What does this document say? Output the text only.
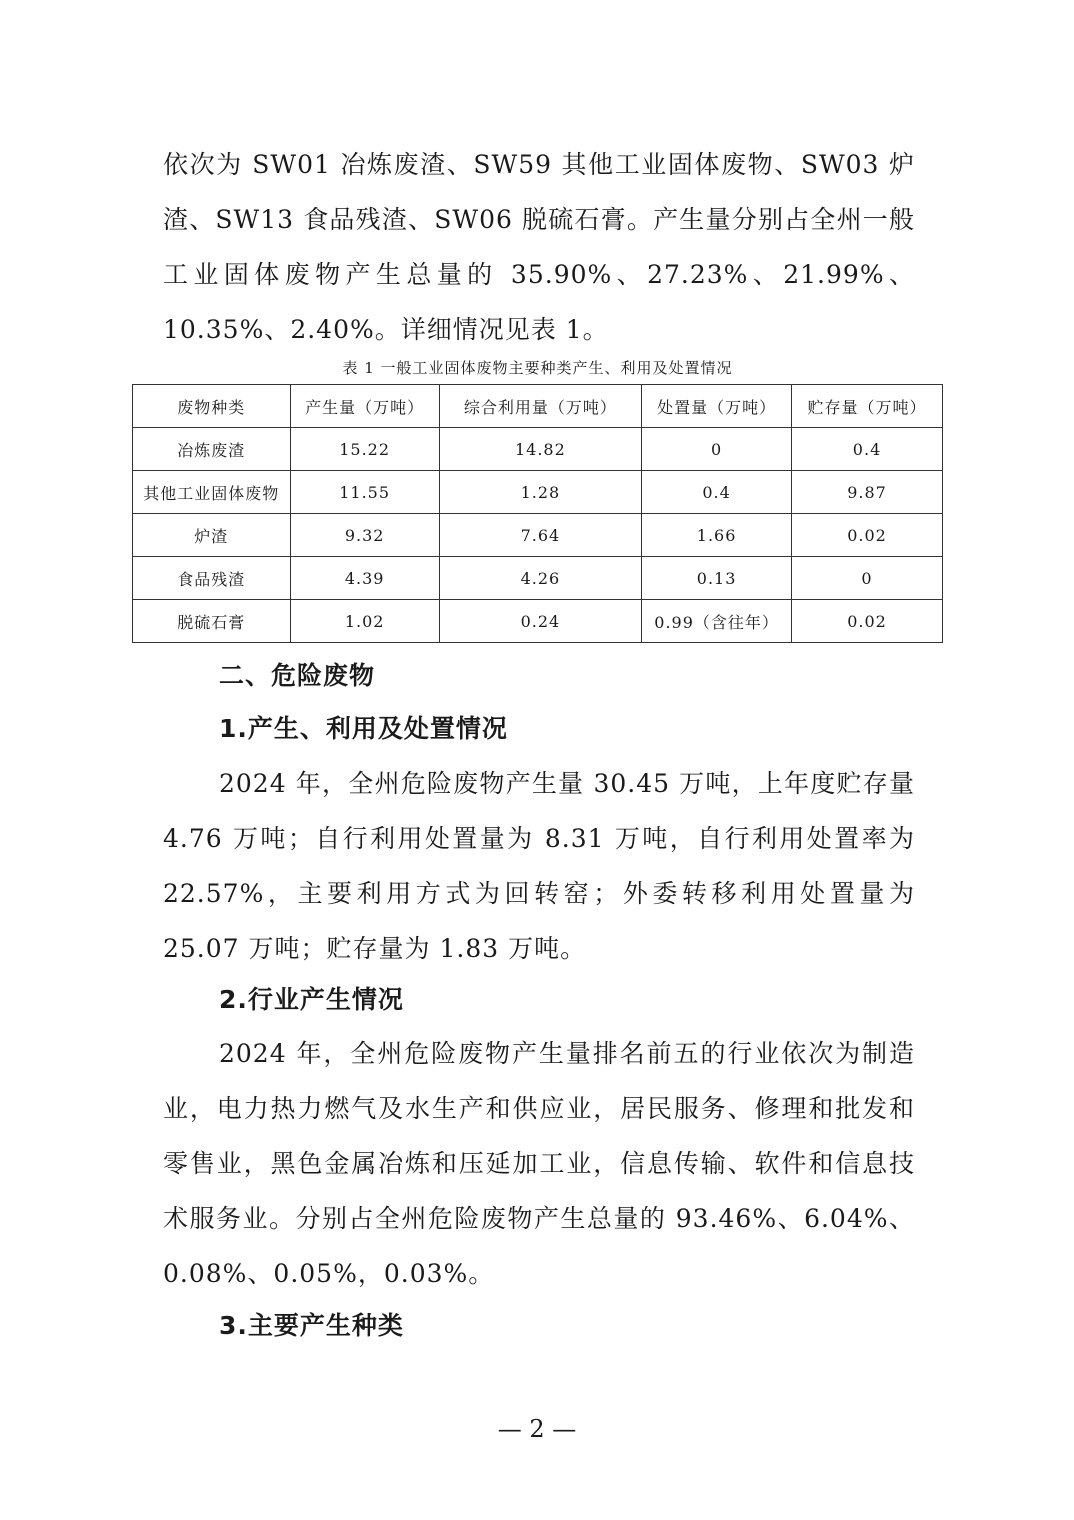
依次为 SW01 冶炼废渣、SW59 其他工业固体废物、SW03 炉渣、SW13 食品残渣、SW06 脱硫石膏。产生量分别占全州一般工业固体废物产生总量的 35.90%、27.23%、21.99%、10.35%、2.40%。详细情况见表 1。

表 1 一般工业固体废物主要种类产生、利用及处置情况

废物种类	产生量（万吨）	综合利用量（万吨）	处置量（万吨）	贮存量（万吨）
冶炼废渣	15.22	14.82	0	0.4
其他工业固体废物	11.55	1.28	0.4	9.87
炉渣	9.32	7.64	1.66	0.02
食品残渣	4.39	4.26	0.13	0
脱硫石膏	1.02	0.24	0.99（含往年）	0.02
二、危险废物
1.产生、利用及处置情况

2024 年，全州危险废物产生量 30.45 万吨，上年度贮存量 4.76 万吨；自行利用处置量为 8.31 万吨，自行利用处置率为 22.57%，主要利用方式为回转窑；外委转移利用处置量为 25.07 万吨；贮存量为 1.83 万吨。

2.行业产生情况

2024 年，全州危险废物产生量排名前五的行业依次为制造业，电力热力燃气及水生产和供应业，居民服务、修理和批发和零售业，黑色金属冶炼和压延加工业，信息传输、软件和信息技术服务业。分别占全州危险废物产生总量的 93.46%、6.04%、0.08%、0.05%，0.03%。

3.主要产生种类

— 2 —
